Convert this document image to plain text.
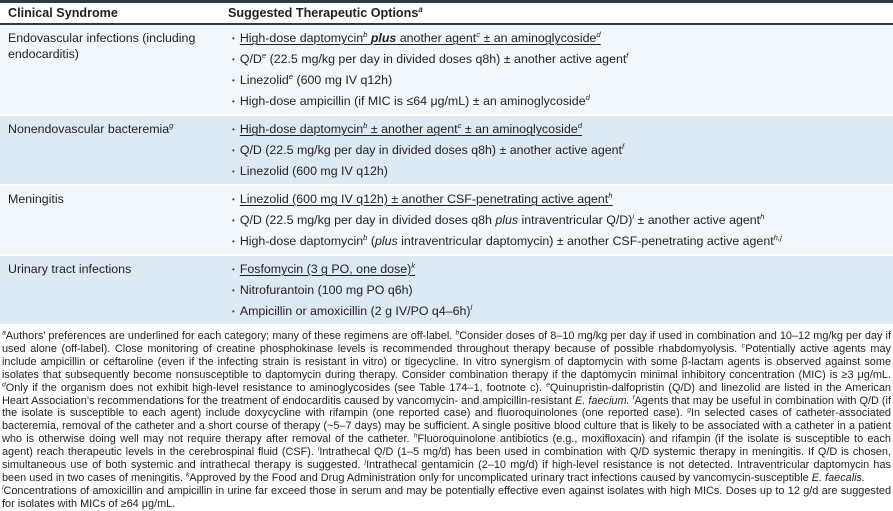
Clinical Syndrome	Suggested Therapeutic Options$^a$
Endovascular infections (including endocarditis)
• High-dose daptomycin$^b$ plus another agent$^c$ ± an aminoglycoside$^d$
• Q/De (22.5 mg/kg per day in divided doses q8h) ± another active agent$^f$
• Linezolid$^e$ (600 mg IV q12h)
• High-dose ampicillin (if MIC is ≤64 μg/mL) ± an aminoglycoside$^d$
Nonendovascular bacteremia$^g$	• High-dose daptomycin$^b$ ± another agent$^c$ ± an aminoglycoside$^d$
• Q/D (22.5 mg/kg per day in divided doses q8h) ± another active agent$^f$
• Linezolid (600 mg IV q12h)
Meningitis	• Linezolid (600 mg IV q12h) ± another CSF-penetrating active agent$^h$
• Q/D (22.5 mg/kg per day in divided doses q8h plus intraventricular Q/D)$^i$ ± another active agent$^h$
• High-dose daptomycin$^b$ (plus intraventricular daptomycin) ± another CSF-penetrating active agent$^{h,j}$
Urinary tract infections	• Fosfomycin (3 g PO, one dose)$^k$
• Nitrofurantoin (100 mg PO q6h)
• Ampicillin or amoxicillin (2 g IV/PO q4–6h)$^l$

$^a$Authors’ preferences are underlined for each category; many of these regimens are off-label. $^b$Consider doses of 8–10 mg/kg per day if used in combination and 10–12 mg/kg per day if used alone (off-label). Close monitoring of creatine phosphokinase levels is recommended throughout therapy because of possible rhabdomyolysis. $^c$Potentially active agents may include ampicillin or ceftaroline (even if the infecting strain is resistant in vitro) or tigecycline. In vitro synergism of daptomycin with some β-lactam agents is observed against some isolates that subsequently become nonsusceptible to daptomycin during therapy. Consider combination therapy if the daptomycin minimal inhibitory concentration (MIC) is ≥3 μg/mL. $^d$Only if the organism does not exhibit high-level resistance to aminoglycosides (see Table 174–1, footnote c). $^e$Quinupristin-dalfopristin (Q/D) and linezolid are listed in the American Heart Association’s recommendations for the treatment of endocarditis caused by vancomycin- and ampicillin-resistant E. faecium. $^f$Agents that may be useful in combination with Q/D (if the isolate is susceptible to each agent) include doxycycline with rifampin (one reported case) and fluoroquinolones (one reported case). $^g$In selected cases of catheter-associated bacteremia, removal of the catheter and a short course of therapy (~5–7 days) may be sufficient. A single positive blood culture that is likely to be associated with a catheter in a patient who is otherwise doing well may not require therapy after removal of the catheter. $^h$Fluoroquinolone antibiotics (e.g., moxifloxacin) and rifampin (if the isolate is susceptible to each agent) reach therapeutic levels in the cerebrospinal fluid (CSF). $^i$Intrathecal Q/D (1–5 mg/d) has been used in combination with Q/D systemic therapy in meningitis. If Q/D is chosen, simultaneous use of both systemic and intrathecal therapy is suggested. $^j$Intrathecal gentamicin (2–10 mg/d) if high-level resistance is not detected. Intraventricular daptomycin has been used in two cases of meningitis. $^k$Approved by the Food and Drug Administration only for uncomplicated urinary tract infections caused by vancomycin-susceptible E. faecalis.
$^l$Concentrations of amoxicillin and ampicillin in urine far exceed those in serum and may be potentially effective even against isolates with high MICs. Doses up to 12 g/d are suggested for isolates with MICs of ≥64 μg/mL.
